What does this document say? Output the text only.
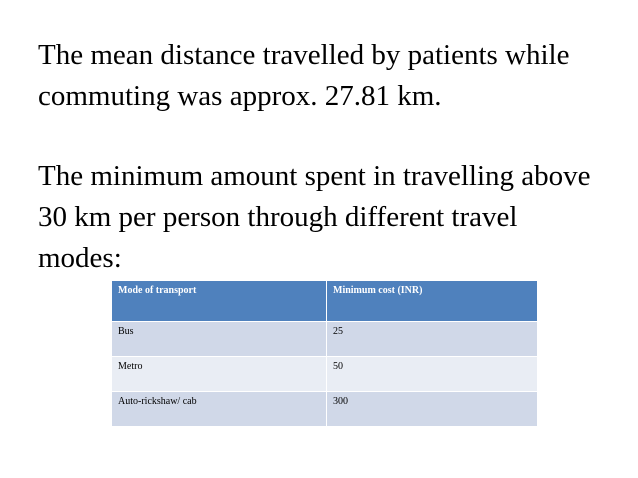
The mean distance travelled by patients while
commuting was approx. 27.81 km.

The minimum amount spent in travelling above
30 km per person through different travel
modes:

Mode of transport	Minimum cost (INR)
Bus	25
Metro	50
Auto-rickshaw/ cab	300
